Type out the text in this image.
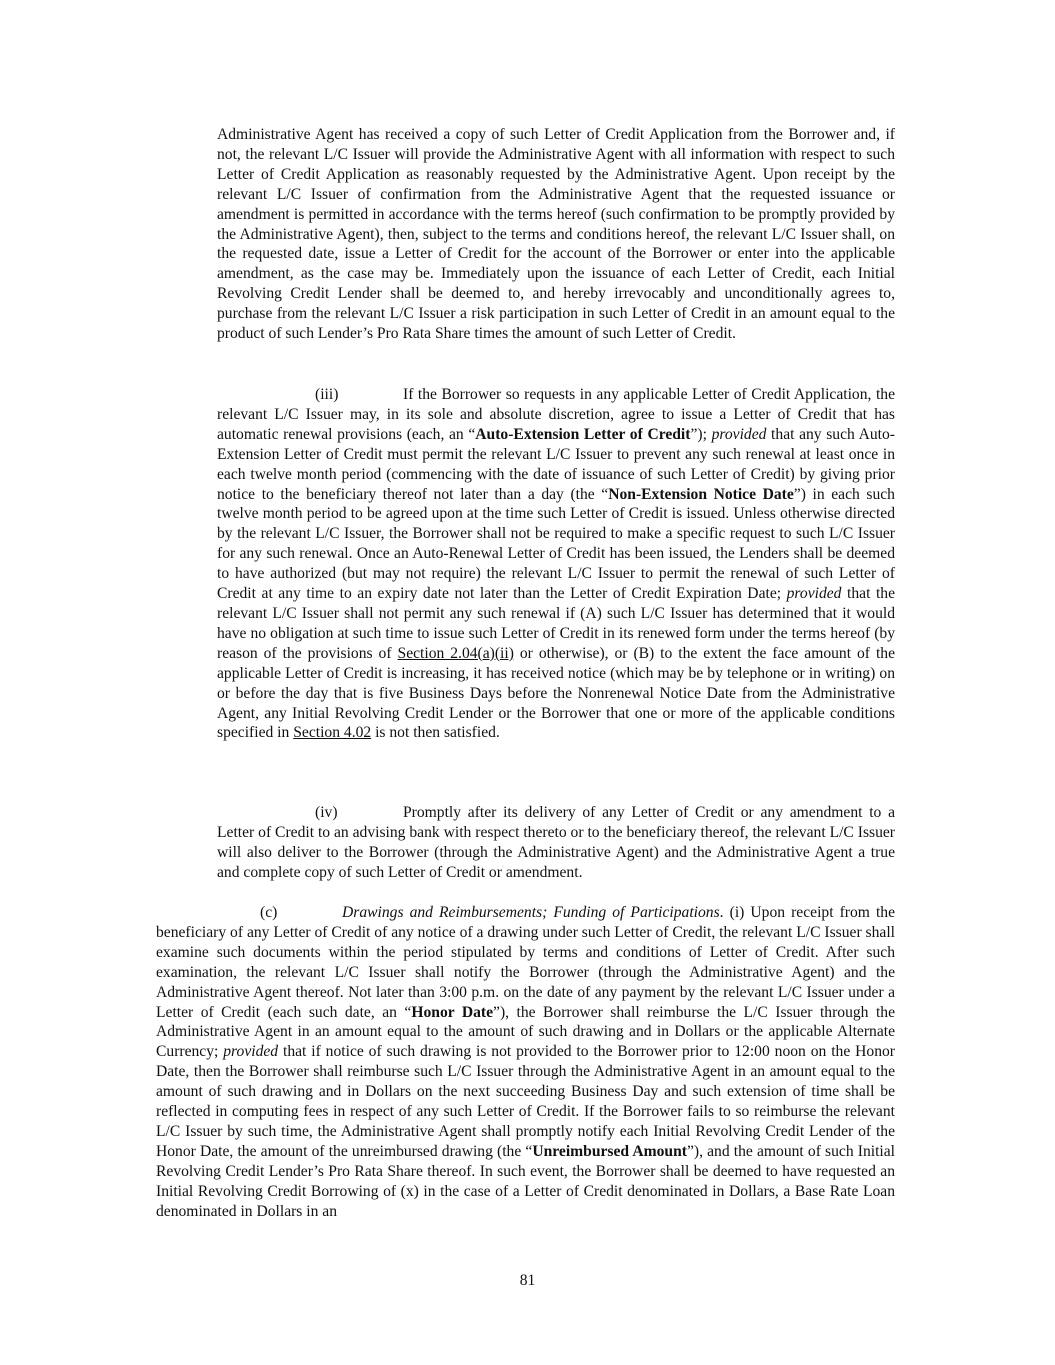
Administrative Agent has received a copy of such Letter of Credit Application from the Borrower and, if not, the relevant L/C Issuer will provide the Administrative Agent with all information with respect to such Letter of Credit Application as reasonably requested by the Administrative Agent. Upon receipt by the relevant L/C Issuer of confirmation from the Administrative Agent that the requested issuance or amendment is permitted in accordance with the terms hereof (such confirmation to be promptly provided by the Administrative Agent), then, subject to the terms and conditions hereof, the relevant L/C Issuer shall, on the requested date, issue a Letter of Credit for the account of the Borrower or enter into the applicable amendment, as the case may be. Immediately upon the issuance of each Letter of Credit, each Initial Revolving Credit Lender shall be deemed to, and hereby irrevocably and unconditionally agrees to, purchase from the relevant L/C Issuer a risk participation in such Letter of Credit in an amount equal to the product of such Lender’s Pro Rata Share times the amount of such Letter of Credit.

(iii)	If the Borrower so requests in any applicable Letter of Credit Application, the relevant L/C Issuer may, in its sole and absolute discretion, agree to issue a Letter of Credit that has automatic renewal provisions (each, an “Auto-Extension Letter of Credit”); provided that any such Auto-Extension Letter of Credit must permit the relevant L/C Issuer to prevent any such renewal at least once in each twelve month period (commencing with the date of issuance of such Letter of Credit) by giving prior notice to the beneficiary thereof not later than a day (the “Non-Extension Notice Date”) in each such twelve month period to be agreed upon at the time such Letter of Credit is issued. Unless otherwise directed by the relevant L/C Issuer, the Borrower shall not be required to make a specific request to such L/C Issuer for any such renewal. Once an Auto-Renewal Letter of Credit has been issued, the Lenders shall be deemed to have authorized (but may not require) the relevant L/C Issuer to permit the renewal of such Letter of Credit at any time to an expiry date not later than the Letter of Credit Expiration Date; provided that the relevant L/C Issuer shall not permit any such renewal if (A) such L/C Issuer has determined that it would have no obligation at such time to issue such Letter of Credit in its renewed form under the terms hereof (by reason of the provisions of Section 2.04(a)(ii) or otherwise), or (B) to the extent the face amount of the applicable Letter of Credit is increasing, it has received notice (which may be by telephone or in writing) on or before the day that is five Business Days before the Nonrenewal Notice Date from the Administrative Agent, any Initial Revolving Credit Lender or the Borrower that one or more of the applicable conditions specified in Section 4.02 is not then satisfied.

(iv)	Promptly after its delivery of any Letter of Credit or any amendment to a Letter of Credit to an advising bank with respect thereto or to the beneficiary thereof, the relevant L/C Issuer will also deliver to the Borrower (through the Administrative Agent) and the Administrative Agent a true and complete copy of such Letter of Credit or amendment.

(c)	Drawings and Reimbursements; Funding of Participations. (i) Upon receipt from the beneficiary of any Letter of Credit of any notice of a drawing under such Letter of Credit, the relevant L/C Issuer shall examine such documents within the period stipulated by terms and conditions of Letter of Credit. After such examination, the relevant L/C Issuer shall notify the Borrower (through the Administrative Agent) and the Administrative Agent thereof. Not later than 3:00 p.m. on the date of any payment by the relevant L/C Issuer under a Letter of Credit (each such date, an “Honor Date”), the Borrower shall reimburse the L/C Issuer through the Administrative Agent in an amount equal to the amount of such drawing and in Dollars or the applicable Alternate Currency; provided that if notice of such drawing is not provided to the Borrower prior to 12:00 noon on the Honor Date, then the Borrower shall reimburse such L/C Issuer through the Administrative Agent in an amount equal to the amount of such drawing and in Dollars on the next succeeding Business Day and such extension of time shall be reflected in computing fees in respect of any such Letter of Credit. If the Borrower fails to so reimburse the relevant L/C Issuer by such time, the Administrative Agent shall promptly notify each Initial Revolving Credit Lender of the Honor Date, the amount of the unreimbursed drawing (the “Unreimbursed Amount”), and the amount of such Initial Revolving Credit Lender’s Pro Rata Share thereof. In such event, the Borrower shall be deemed to have requested an Initial Revolving Credit Borrowing of (x) in the case of a Letter of Credit denominated in Dollars, a Base Rate Loan denominated in Dollars in an

81
